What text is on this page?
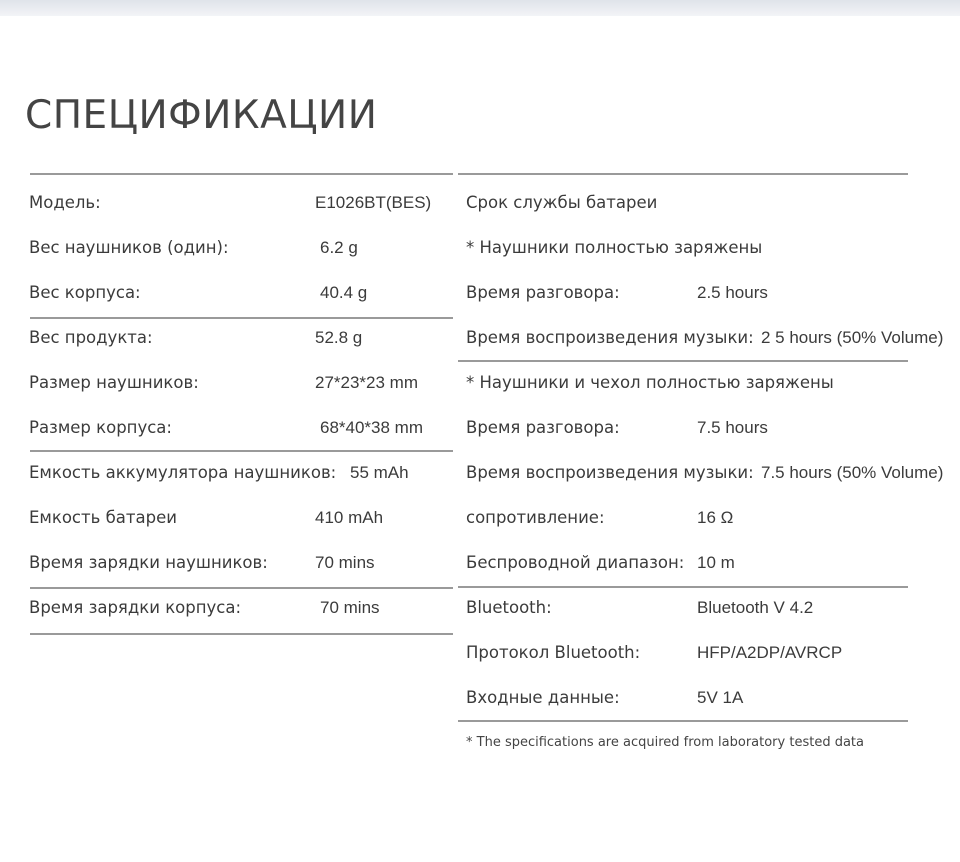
СПЕЦИФИКАЦИИ
Модель:	E1026BT(BES)
Вес наушников (один):	6.2 g
Вес корпуса:	40.4 g
Вес продукта:	52.8 g
Размер наушников:	27*23*23 mm
Размер корпуса:	68*40*38 mm
Емкость аккумулятора наушников: 55 mAh
Емкость батареи	410 mAh
Время зарядки наушников:	70 mins
Время зарядки корпуса:	70 mins
Срок службы батареи
* Наушники полностью заряжены
Время разговора:	2.5 hours
Время воспроизведения музыки: 2 5 hours (50% Volume)
* Наушники и чехол полностью заряжены
Время разговора:	7.5 hours
Время воспроизведения музыки: 7.5 hours (50% Volume)
сопротивление:	16 Ω
Беспроводной диапазон: 10 m
Bluetooth:	Bluetooth V 4.2
Протокол Bluetooth:	HFP/A2DP/AVRCP
Входные данные:	5V 1A
* The specifications are acquired from laboratory tested data
